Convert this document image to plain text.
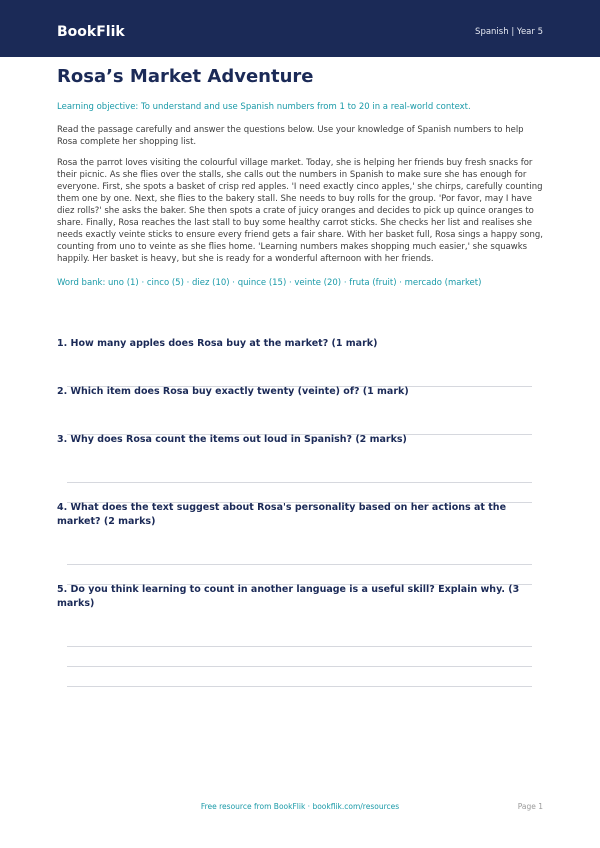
BookFlik	Spanish | Year 5
Rosa’s Market Adventure
Learning objective: To understand and use Spanish numbers from 1 to 20 in a real-world context.
Read the passage carefully and answer the questions below. Use your knowledge of Spanish numbers to help Rosa complete her shopping list.
Rosa the parrot loves visiting the colourful village market. Today, she is helping her friends buy fresh snacks for their picnic. As she flies over the stalls, she calls out the numbers in Spanish to make sure she has enough for everyone. First, she spots a basket of crisp red apples. 'I need exactly cinco apples,' she chirps, carefully counting them one by one. Next, she flies to the bakery stall. She needs to buy rolls for the group. 'Por favor, may I have diez rolls?' she asks the baker. She then spots a crate of juicy oranges and decides to pick up quince oranges to share. Finally, Rosa reaches the last stall to buy some healthy carrot sticks. She checks her list and realises she needs exactly veinte sticks to ensure every friend gets a fair share. With her basket full, Rosa sings a happy song, counting from uno to veinte as she flies home. 'Learning numbers makes shopping much easier,' she squawks happily. Her basket is heavy, but she is ready for a wonderful afternoon with her friends.
Word bank: uno (1) · cinco (5) · diez (10) · quince (15) · veinte (20) · fruta (fruit) · mercado (market)
1. How many apples does Rosa buy at the market? (1 mark)
2. Which item does Rosa buy exactly twenty (veinte) of? (1 mark)
3. Why does Rosa count the items out loud in Spanish? (2 marks)
4. What does the text suggest about Rosa's personality based on her actions at the market? (2 marks)
5. Do you think learning to count in another language is a useful skill? Explain why. (3 marks)
Free resource from BookFlik · bookflik.com/resources	Page 1
